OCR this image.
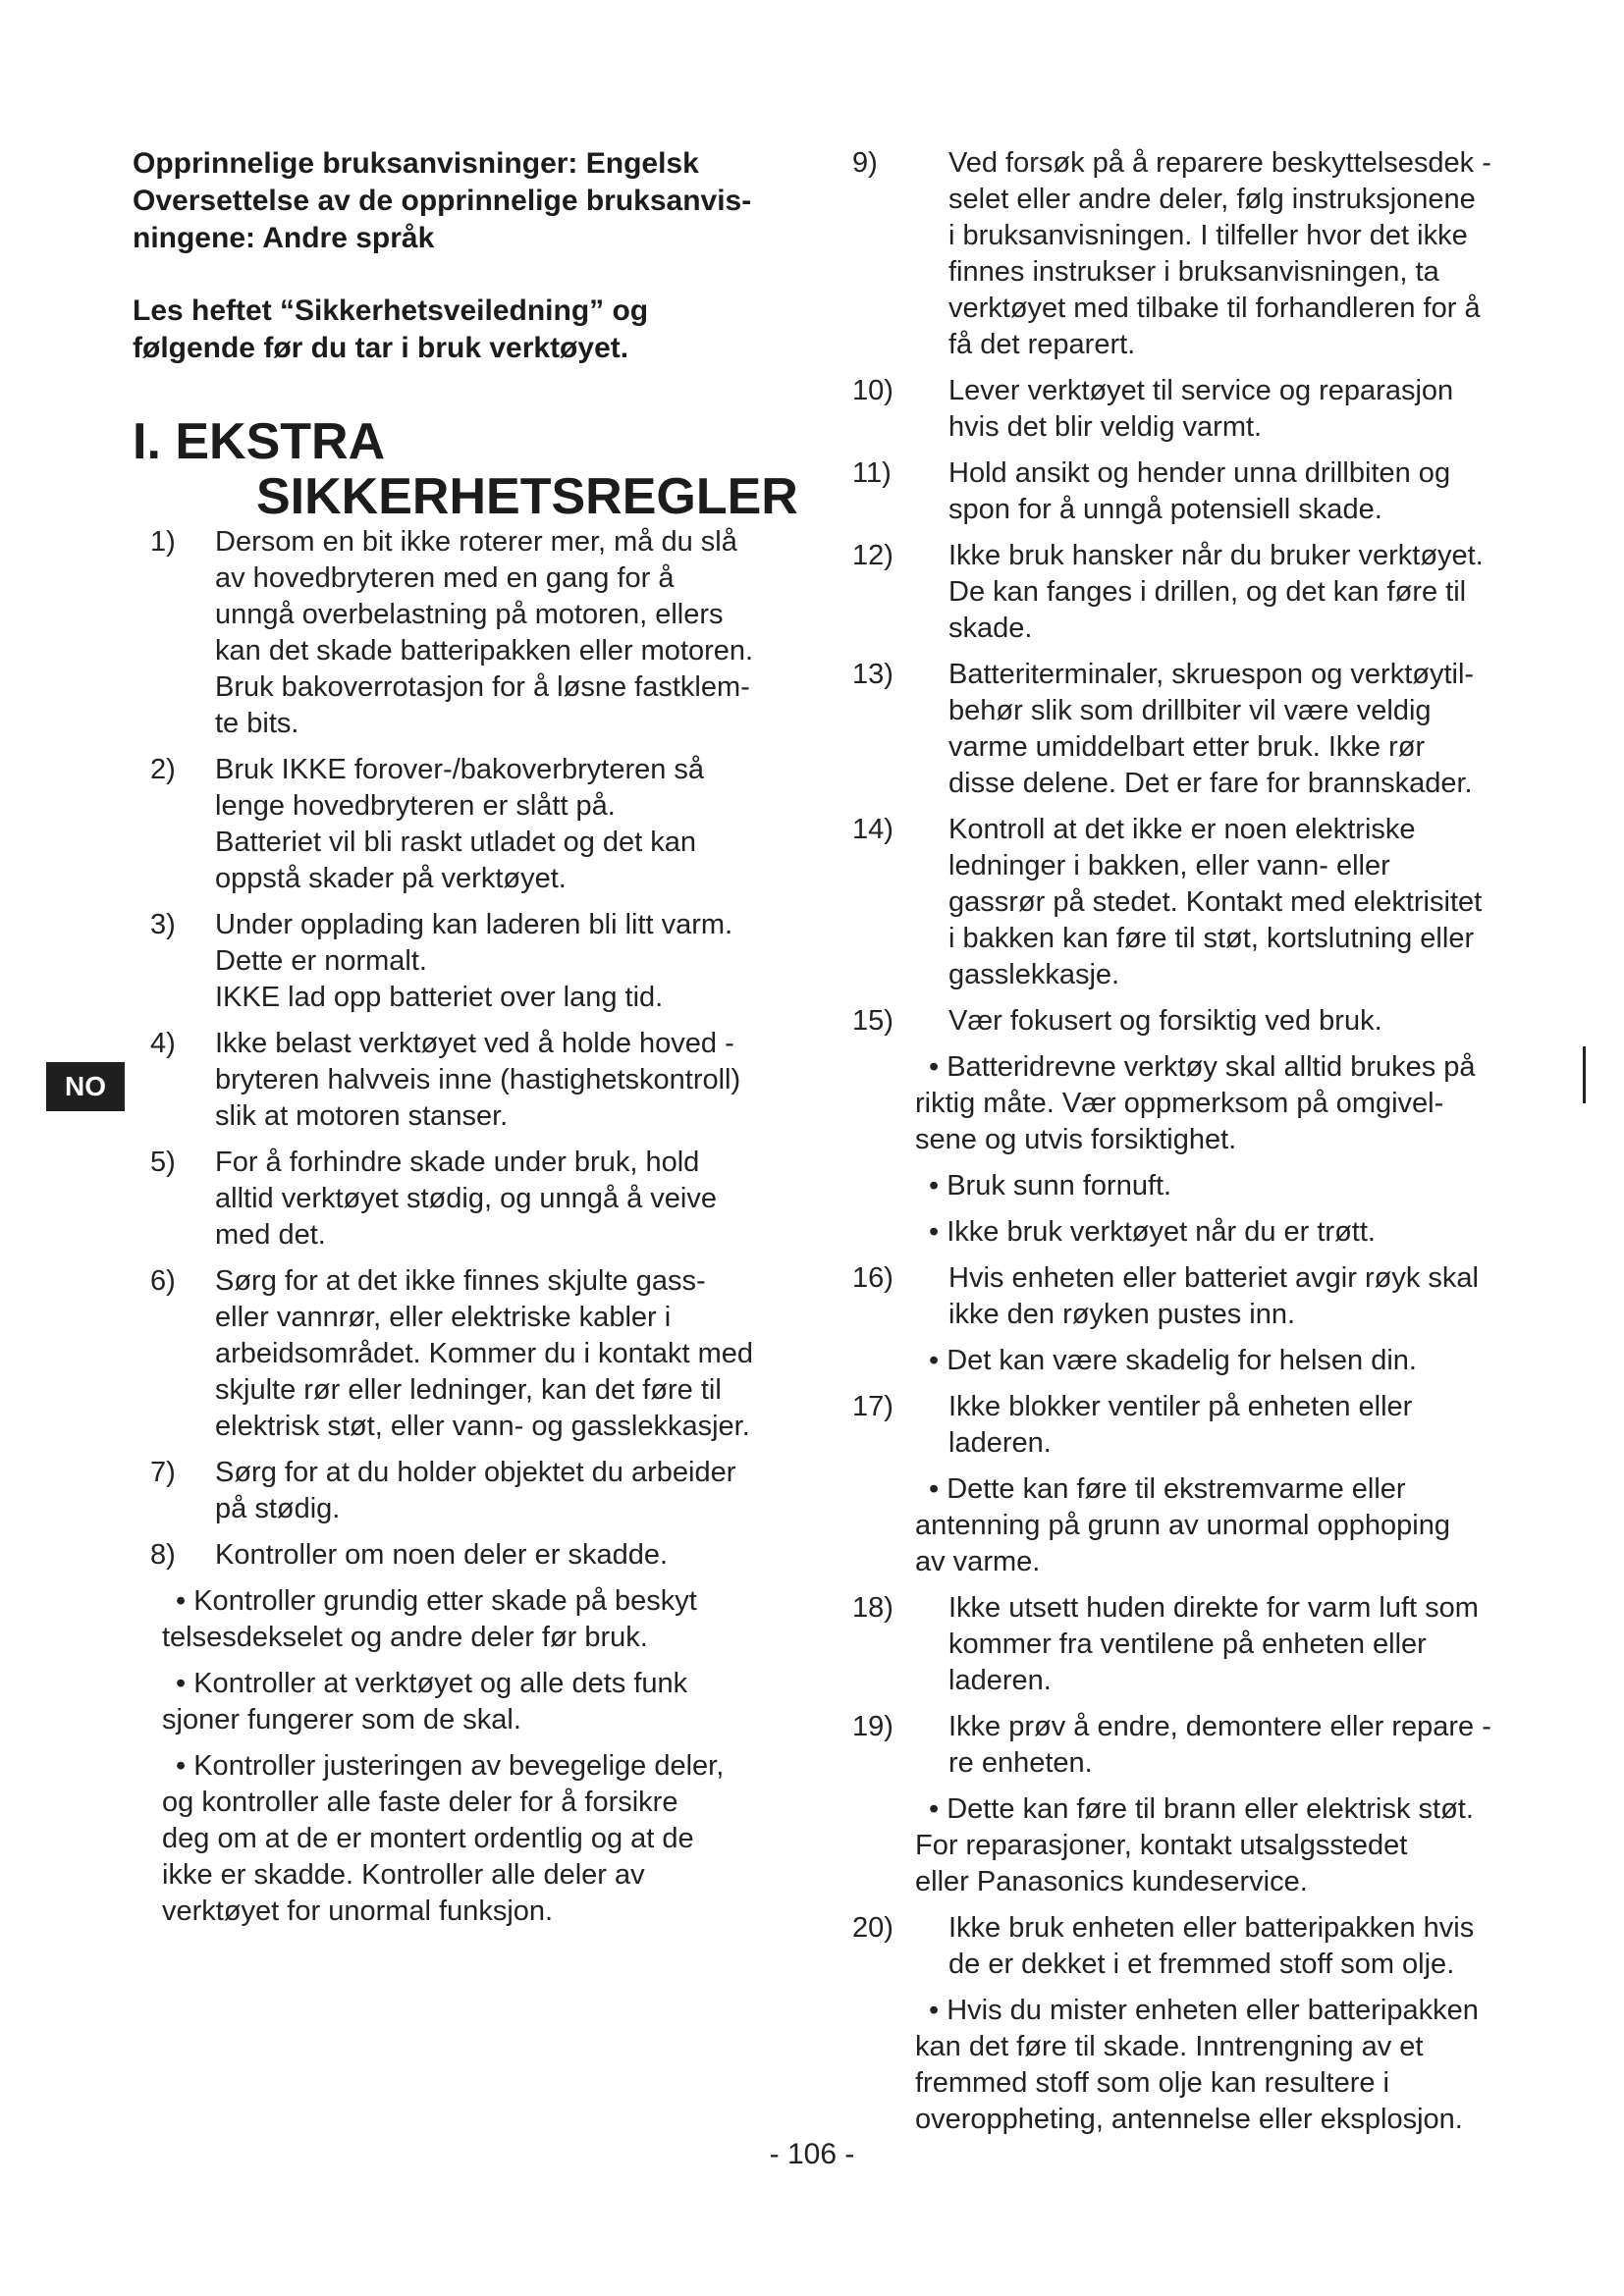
Opprinnelige bruksanvisninger: Engelsk
Oversettelse av de opprinnelige bruksanvis-
ningene: Andre språk

Les heftet “Sikkerhetsveiledning” og
følgende før du tar i bruk verktøyet.

I. EKSTRA
SIKKERHETSREGLER
1)	Dersom en bit ikke roterer mer, må du slå
av hovedbryteren med en gang for å
unngå overbelastning på motoren, ellers
kan det skade batteripakken eller motoren.
Bruk bakoverrotasjon for å løsne fastklem-
te bits.
2)	Bruk IKKE forover-/bakoverbryteren så
lenge hovedbryteren er slått på.
Batteriet vil bli raskt utladet og det kan
oppstå skader på verktøyet.
3)	Under opplading kan laderen bli litt varm.
Dette er normalt.
IKKE lad opp batteriet over lang tid.
4)	Ikke belast verktøyet ved å holde hoved -
bryteren halvveis inne (hastighetskontroll)
slik at motoren stanser.
5)	For å forhindre skade under bruk, hold
alltid verktøyet stødig, og unngå å veive
med det.
6)	Sørg for at det ikke finnes skjulte gass-
eller vannrør, eller elektriske kabler i
arbeidsområdet. Kommer du i kontakt med
skjulte rør eller ledninger, kan det føre til
elektrisk støt, eller vann- og gasslekkasjer.
7)	Sørg for at du holder objektet du arbeider
på stødig.
8)	Kontroller om noen deler er skadde.
• Kontroller grundig etter skade på beskyt
telsesdekselet og andre deler før bruk.
• Kontroller at verktøyet og alle dets funk
sjoner fungerer som de skal.
• Kontroller justeringen av bevegelige deler,
og kontroller alle faste deler for å forsikre
deg om at de er montert ordentlig og at de
ikke er skadde. Kontroller alle deler av
verktøyet for unormal funksjon.
9)	Ved forsøk på å reparere beskyttelsesdek -
selet eller andre deler, følg instruksjonene
i bruksanvisningen. I tilfeller hvor det ikke
finnes instrukser i bruksanvisningen, ta
verktøyet med tilbake til forhandleren for å
få det reparert.
10)	Lever verktøyet til service og reparasjon
hvis det blir veldig varmt.
11)	Hold ansikt og hender unna drillbiten og
spon for å unngå potensiell skade.
12)	Ikke bruk hansker når du bruker verktøyet.
De kan fanges i drillen, og det kan føre til
skade.
13)	Batteriterminaler, skruespon og verktøytil-
behør slik som drillbiter vil være veldig
varme umiddelbart etter bruk. Ikke rør
disse delene. Det er fare for brannskader.
14)	Kontroll at det ikke er noen elektriske
ledninger i bakken, eller vann- eller
gassrør på stedet. Kontakt med elektrisitet
i bakken kan føre til støt, kortslutning eller
gasslekkasje.
15)	Vær fokusert og forsiktig ved bruk.
• Batteridrevne verktøy skal alltid brukes på
riktig måte. Vær oppmerksom på omgivel-
sene og utvis forsiktighet.
• Bruk sunn fornuft.
• Ikke bruk verktøyet når du er trøtt.
16)	Hvis enheten eller batteriet avgir røyk skal
ikke den røyken pustes inn.
• Det kan være skadelig for helsen din.
17)	Ikke blokker ventiler på enheten eller laderen.
• Dette kan føre til ekstremvarme eller
antenning på grunn av unormal opphoping
av varme.
18)	Ikke utsett huden direkte for varm luft som
kommer fra ventilene på enheten eller
laderen.
19)	Ikke prøv å endre, demontere eller repare -
re enheten.
• Dette kan føre til brann eller elektrisk støt.
For reparasjoner, kontakt utsalgsstedet
eller Panasonics kundeservice.
20)	Ikke bruk enheten eller batteripakken hvis
de er dekket i et fremmed stoff som olje.
• Hvis du mister enheten eller batteripakken
kan det føre til skade. Inntrengning av et
fremmed stoff som olje kan resultere i
overoppheting, antennelse eller eksplosjon.
NO
- 106 -
